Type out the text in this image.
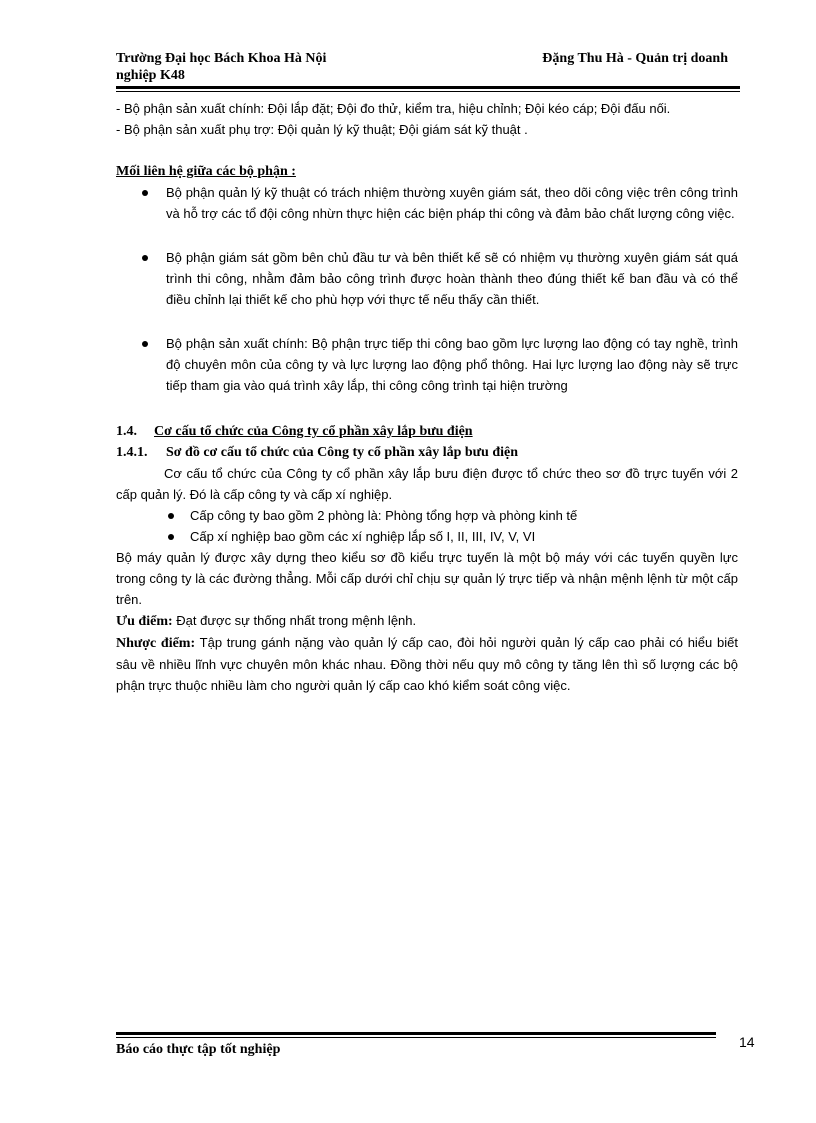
Trường Đại học Bách Khoa Hà Nội	Đặng Thu Hà - Quản trị doanh
nghiệp K48

- Bộ phận sản xuất chính: Đội lắp đặt; Đội đo thử, kiểm tra, hiệu chỉnh; Đội kéo cáp; Đội đấu nối.

- Bộ phận sản xuất phụ trợ: Đội quản lý kỹ thuật; Đội giám sát kỹ thuật .

Mối liên hệ giữa các bộ phận :

Bộ phận quản lý kỹ thuật có trách nhiệm thường xuyên giám sát, theo dõi công việc trên công trình và hỗ trợ các tổ đội công nhừn thực hiện các biện pháp thi công và đảm bảo chất lượng công việc.
Bộ phận giám sát gồm bên chủ đầu tư và bên thiết kế sẽ có nhiệm vụ thường xuyên giám sát quá trình thi công, nhằm đảm bảo công trình được hoàn thành theo đúng thiết kế ban đầu và có thể điều chỉnh lại thiết kế cho phù hợp với thực tế nếu thấy cần thiết.
Bộ phận sản xuất chính: Bộ phận trực tiếp thi công bao gồm lực lượng lao động có tay nghề, trình độ chuyên môn của công ty và lực lượng lao động phổ thông. Hai lực lượng lao động này sẽ trực tiếp tham gia vào quá trình xây lắp, thi công công trình tại hiện trường

1.4. Cơ cấu tổ chức của Công ty cổ phần xây lắp bưu điện

1.4.1. Sơ đồ cơ cấu tổ chức của Công ty cổ phần xây lắp bưu điện

Cơ cấu tổ chức của Công ty cổ phần xây lắp bưu điện được tổ chức theo sơ đồ trực tuyến với 2 cấp quản lý. Đó là cấp công ty và cấp xí nghiệp.

Cấp công ty bao gồm 2 phòng là: Phòng tổng hợp và phòng kinh tế
Cấp xí nghiệp bao gồm các xí nghiệp lắp số I, II, III, IV, V, VI

Bộ máy quản lý được xây dựng theo kiểu sơ đồ kiểu trực tuyến là một bộ máy với các tuyến quyền lực trong công ty là các đường thẳng. Mỗi cấp dưới chỉ chịu sự quản lý trực tiếp và nhận mệnh lệnh từ một cấp trên.

Ưu điểm: Đạt được sự thống nhất trong mệnh lệnh.

Nhược điểm: Tập trung gánh nặng vào quản lý cấp cao, đòi hỏi người quản lý cấp cao phải có hiểu biết sâu về nhiều lĩnh vực chuyên môn khác nhau. Đồng thời nếu quy mô công ty tăng lên thì số lượng các bộ phận trực thuộc nhiều làm cho người quản lý cấp cao khó kiểm soát công việc.

Báo cáo thực tập tốt nghiệp	14
